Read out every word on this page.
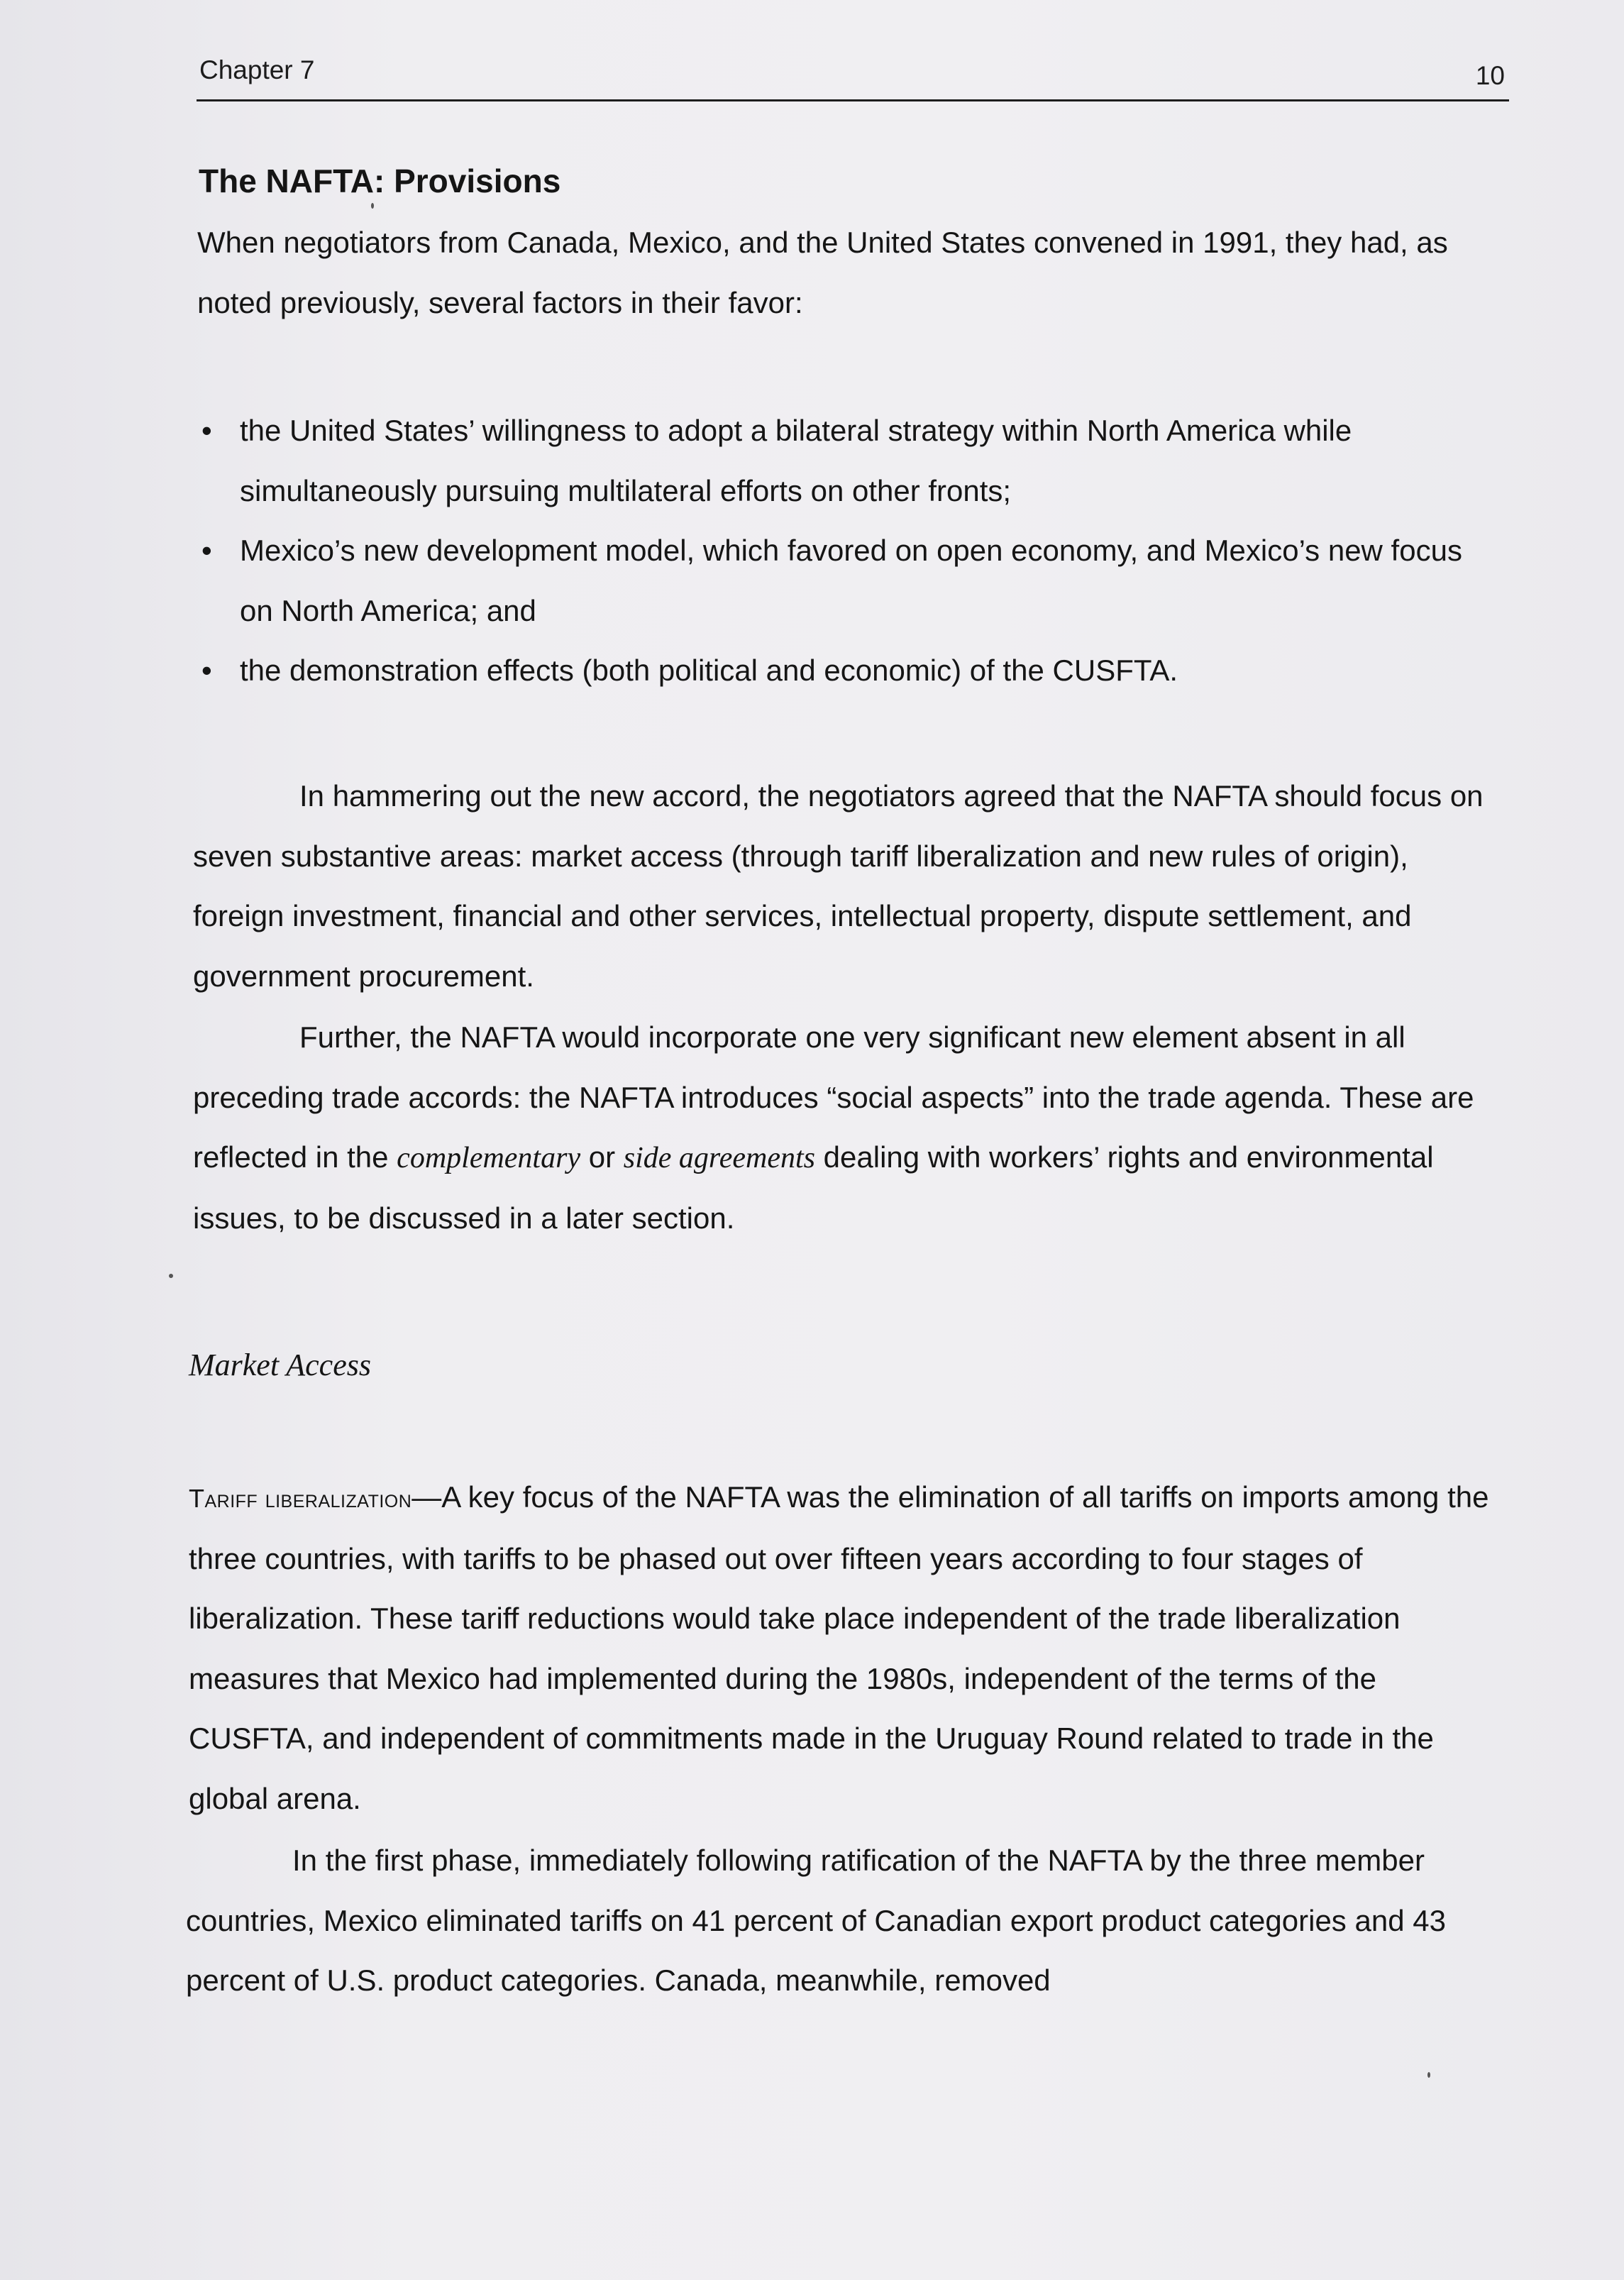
Chapter 7	10
The NAFTA: Provisions

When negotiators from Canada, Mexico, and the United States convened in 1991, they had, as noted previously, several factors in their favor:

• the United States’ willingness to adopt a bilateral strategy within North America while simultaneously pursuing multilateral efforts on other fronts;
• Mexico’s new development model, which favored on open economy, and Mexico’s new focus on North America; and
• the demonstration effects (both political and economic) of the CUSFTA.

In hammering out the new accord, the negotiators agreed that the NAFTA should focus on seven substantive areas: market access (through tariff liberalization and new rules of origin), foreign investment, financial and other services, intellectual property, dispute settlement, and government procurement.

Further, the NAFTA would incorporate one very significant new element absent in all preceding trade accords: the NAFTA introduces “social aspects” into the trade agenda. These are reflected in the complementary or side agreements dealing with workers’ rights and environmental issues, to be discussed in a later section.

Market Access

Tariff liberalization—A key focus of the NAFTA was the elimination of all tariffs on imports among the three countries, with tariffs to be phased out over fifteen years according to four stages of liberalization. These tariff reductions would take place independent of the trade liberalization measures that Mexico had implemented during the 1980s, independent of the terms of the CUSFTA, and independent of commitments made in the Uruguay Round related to trade in the global arena.

In the first phase, immediately following ratification of the NAFTA by the three member countries, Mexico eliminated tariffs on 41 percent of Canadian export product categories and 43 percent of U.S. product categories. Canada, meanwhile, removed
